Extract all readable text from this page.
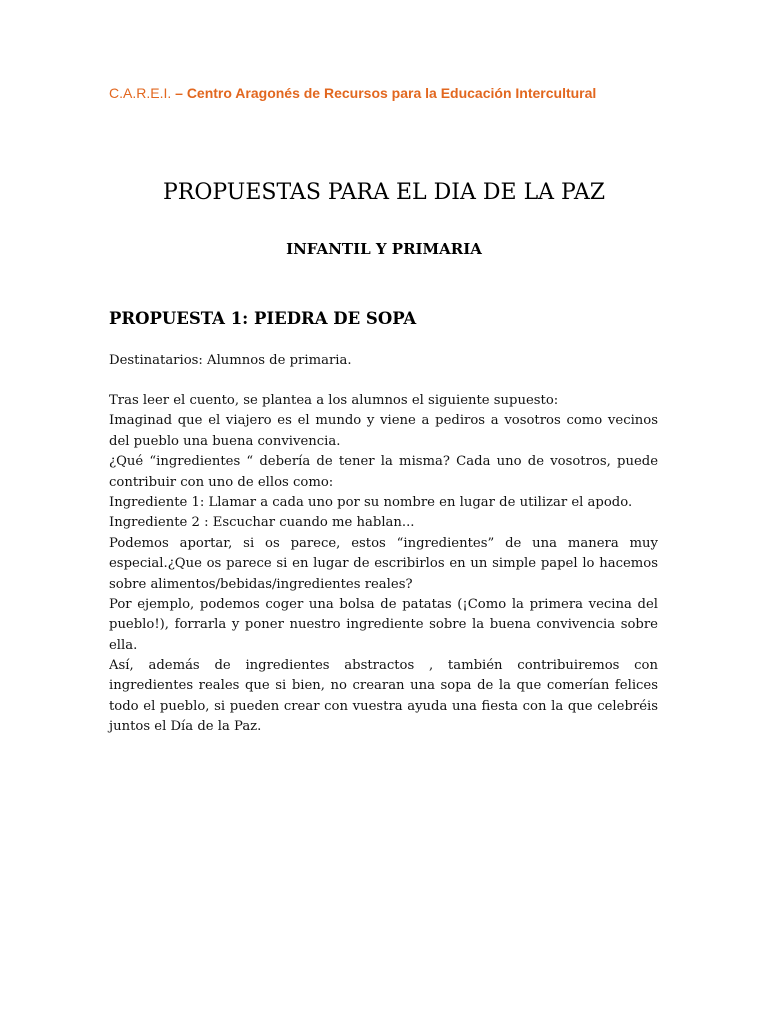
C.A.R.E.I. – Centro Aragonés de Recursos para la Educación Intercultural
PROPUESTAS PARA EL DIA DE LA PAZ
INFANTIL Y PRIMARIA
PROPUESTA 1: PIEDRA DE SOPA
Destinatarios: Alumnos de primaria.
Tras leer el cuento, se plantea a los alumnos el siguiente supuesto:
Imaginad que el viajero es el mundo y viene a pediros a vosotros como vecinos
del pueblo una buena convivencia.
¿Qué “ingredientes “ debería de tener la misma? Cada uno de vosotros, puede
contribuir con uno de ellos como:
Ingrediente 1: Llamar a cada uno por su nombre en lugar de utilizar el apodo.
Ingrediente 2 : Escuchar cuando me hablan...
Podemos aportar, si os parece, estos “ingredientes” de una manera muy
especial.¿Que os parece si en lugar de escribirlos en un simple papel lo hacemos
sobre alimentos/bebidas/ingredientes reales?
Por ejemplo, podemos coger una bolsa de patatas (¡Como la primera vecina del
pueblo!), forrarla y poner nuestro ingrediente sobre la buena convivencia sobre
ella.
Así, además de ingredientes abstractos , también contribuiremos con
ingredientes reales que si bien, no crearan una sopa de la que comerían felices
todo el pueblo, si pueden crear con vuestra ayuda una fiesta con la que celebréis
juntos el Día de la Paz.
